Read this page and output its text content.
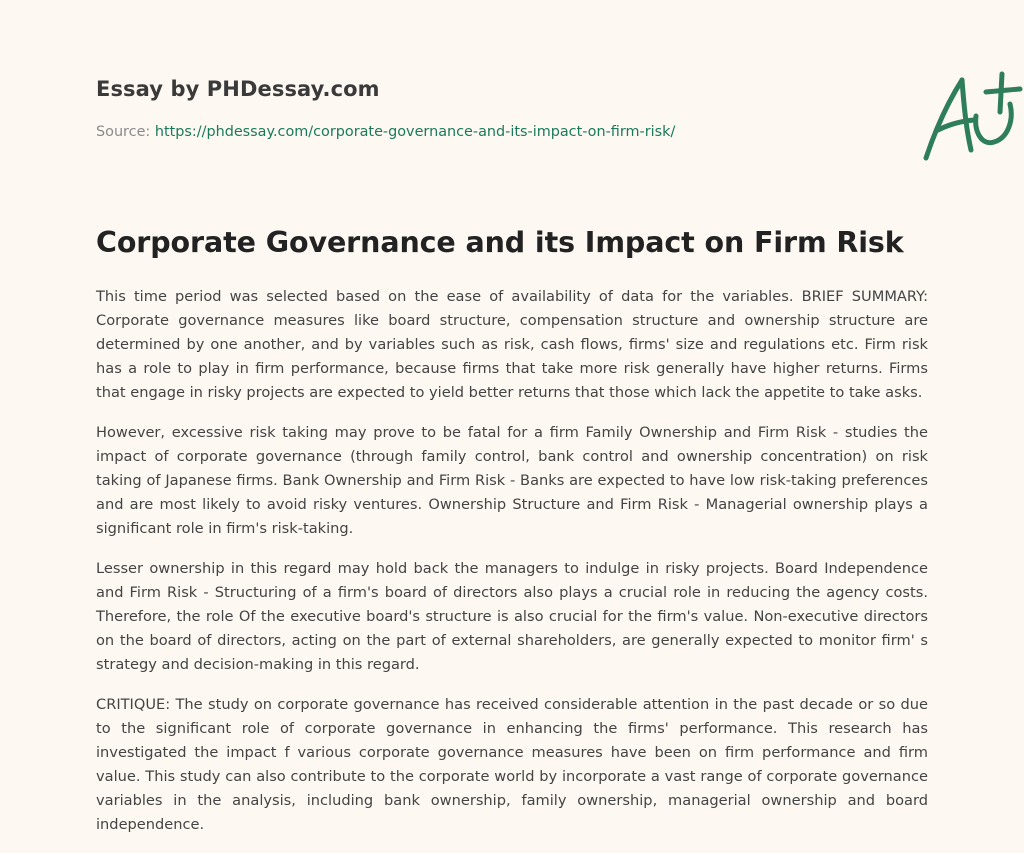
Essay by PHDessay.com
Source: https://phdessay.com/corporate-governance-and-its-impact-on-firm-risk/
Corporate Governance and its Impact on Firm Risk

This time period was selected based on the ease of availability of data for the variables. BRIEF SUMMARY: Corporate governance measures like board structure, compensation structure and ownership structure are determined by one another, and by variables such as risk, cash flows, firms' size and regulations etc. Firm risk has a role to play in firm performance, because firms that take more risk generally have higher returns. Firms that engage in risky projects are expected to yield better returns that those which lack the appetite to take asks.

However, excessive risk taking may prove to be fatal for a firm Family Ownership and Firm Risk - studies the impact of corporate governance (through family control, bank control and ownership concentration) on risk taking of Japanese firms. Bank Ownership and Firm Risk - Banks are expected to have low risk-taking preferences and are most likely to avoid risky ventures. Ownership Structure and Firm Risk - Managerial ownership plays a significant role in firm's risk-taking.

Lesser ownership in this regard may hold back the managers to indulge in risky projects. Board Independence and Firm Risk - Structuring of a firm's board of directors also plays a crucial role in reducing the agency costs. Therefore, the role Of the executive board's structure is also crucial for the firm's value. Non-executive directors on the board of directors, acting on the part of external shareholders, are generally expected to monitor firm' s strategy and decision-making in this regard.

CRITIQUE: The study on corporate governance has received considerable attention in the past decade or so due to the significant role of corporate governance in enhancing the firms' performance. This research has investigated the impact f various corporate governance measures have been on firm performance and firm value. This study can also contribute to the corporate world by incorporate a vast range of corporate governance variables in the analysis, including bank ownership, family ownership, managerial ownership and board independence.
